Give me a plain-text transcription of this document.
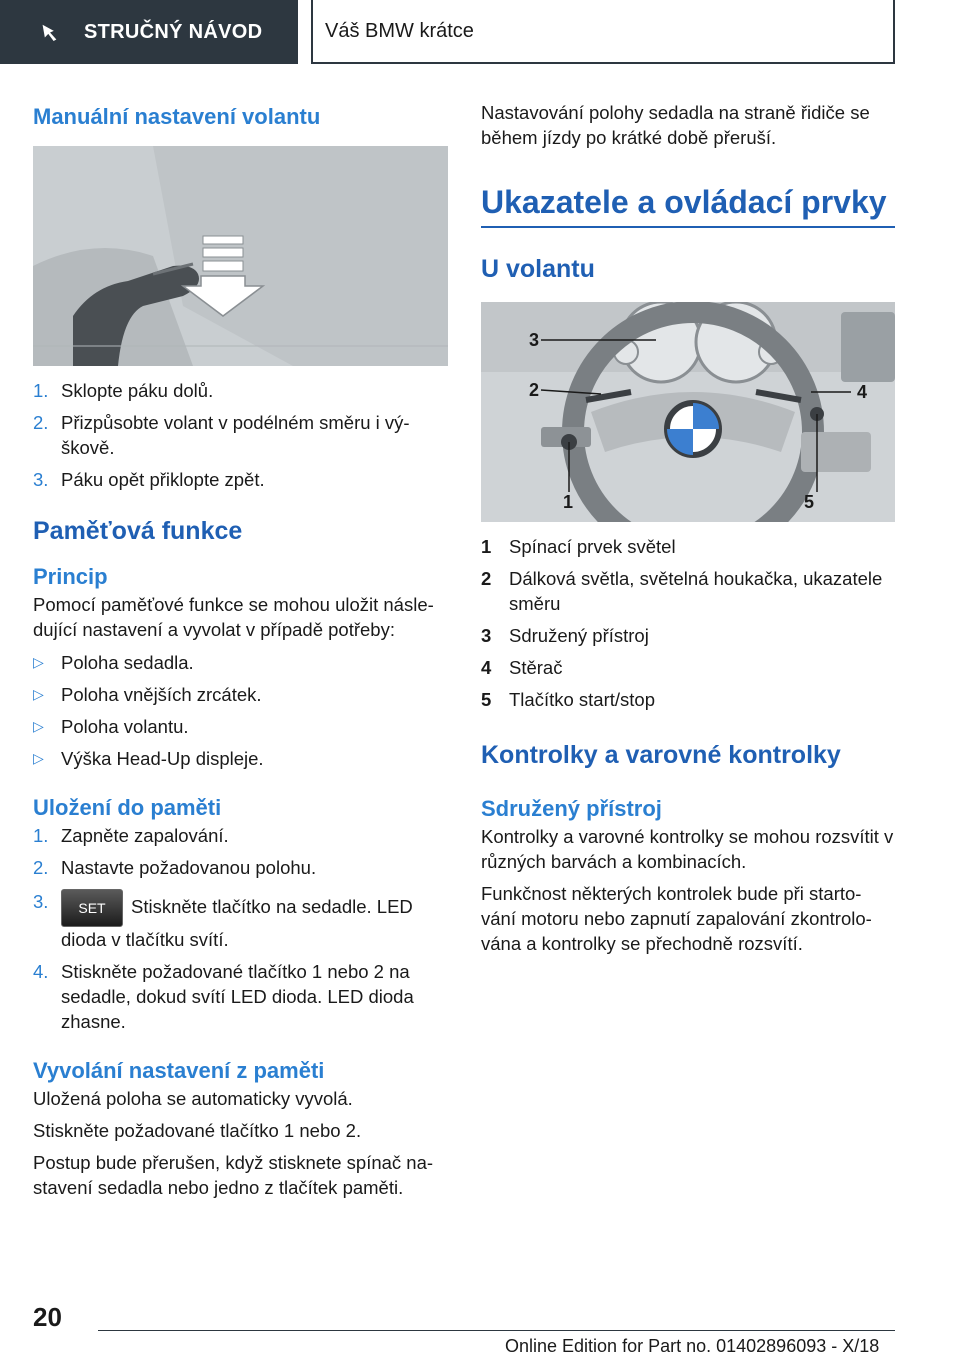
STRUČNÝ NÁVOD	Váš BMW krátce
Manuální nastavení volantu
1. Sklopte páku dolů.
2. Přizpůsobte volant v podélném směru i vý-
škově.
3. Páku opět přiklopte zpět.
Paměťová funkce
Princip

Pomocí paměťové funkce se mohou uložit násle-dující nastavení a vyvolat v případě potřeby:

▷ Poloha sedadla.
▷ Poloha vnějších zrcátek.
▷ Poloha volantu.
▷ Výška Head-Up displeje.
Uložení do paměti
1. Zapněte zapalování.
2. Nastavte požadovanou polohu.
3. SET Stiskněte tlačítko na sedadle. LED dioda v tlačítku svítí.
4. Stiskněte požadované tlačítko 1 nebo 2 na sedadle, dokud svítí LED dioda. LED dioda zhasne.
Vyvolání nastavení z paměti

Uložená poloha se automaticky vyvolá.

Stiskněte požadované tlačítko 1 nebo 2.

Postup bude přerušen, když stisknete spínač na-stavení sedadla nebo jedno z tlačítek paměti.

Nastavování polohy sedadla na straně řidiče se během jízdy po krátké době přeruší.

Ukazatele a ovládací prvky
U volantu
3
2
1
4
5
1 Spínací prvek světel
2 Dálková světla, světelná houkačka, ukazatele směru
3 Sdružený přístroj
4 Stěrač
5 Tlačítko start/stop
Kontrolky a varovné kontrolky
Sdružený přístroj

Kontrolky a varovné kontrolky se mohou rozsvítit v různých barvách a kombinacích.

Funkčnost některých kontrolek bude při starto-vání motoru nebo zapnutí zapalování zkontrolo-vána a kontrolky se přechodně rozsvítí.

20
Online Edition for Part no. 01402896093 - X/18
